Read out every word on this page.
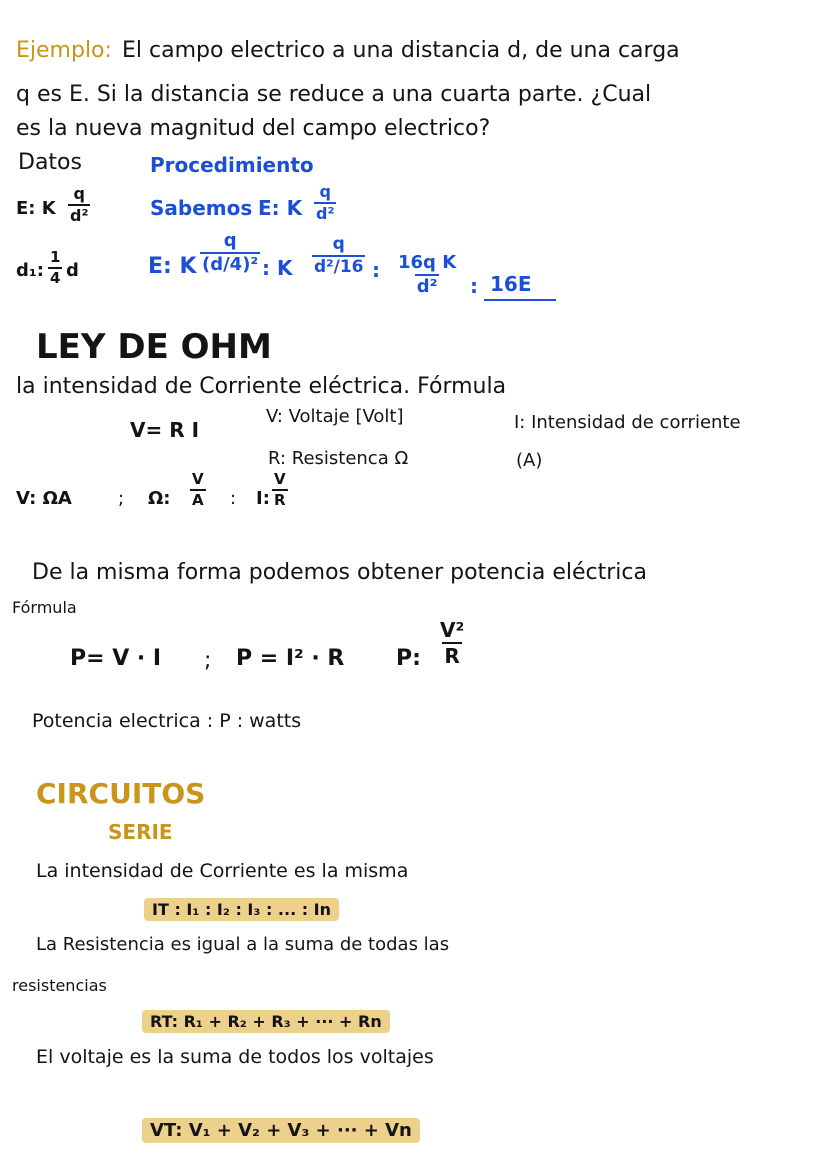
Ejemplo: El campo electrico a una distancia d, de una carga
q es E. Si la distancia se reduce a una cuarta parte. ¿Cual
es la nueva magnitud del campo electrico?
Datos	Procedimiento
E: K $\frac{q}{\text{d²}}$
d₁: $\frac{1}{4}$ d
Sabemos E: K $\frac{q}{\text{d²}}$
E: K $\frac{q}{\text{(d/4)²}}$ : K $\frac{q}{\text{d²/16}}$ : $\frac{\text{16q K}}{\text{d²}}$ : 16E
LEY DE OHM
la intensidad de Corriente eléctrica. Fórmula
V= R I
V: Voltaje [Volt]
R: Resistenca Ω
I: Intensidad de corriente
(A)
V: ΩA	; Ω: $\frac{V}{A}$ : I: $\frac{V}{R}$
De la misma forma podemos obtener potencia eléctrica
Fórmula
P= V · I ; P = I² · R P: $\frac{\text{V²}}{R}$
Potencia electrica : P : watts
CIRCUITOS
SERIE
La intensidad de Corriente es la misma
IT : I₁ : I₂ : I₃ : ... : In
La Resistencia es igual a la suma de todas las
resistencias
RT: R₁ + R₂ + R₃ + ··· + Rn
El voltaje es la suma de todos los voltajes
VT: V₁ + V₂ + V₃ + ··· + Vn
